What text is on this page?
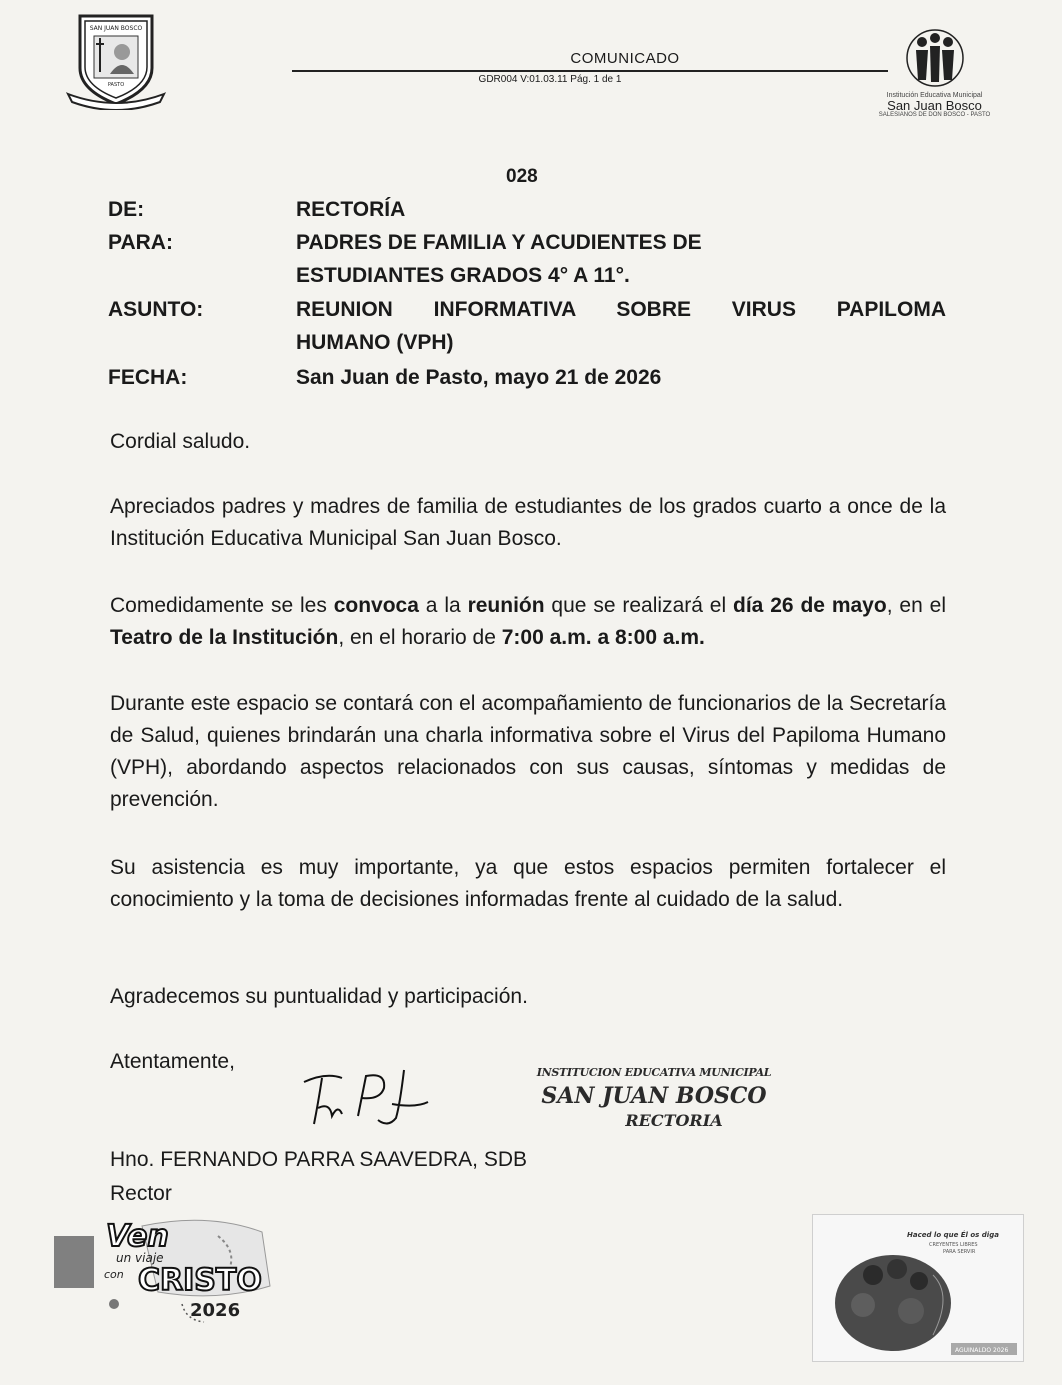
SAN JUAN BOSCO
PASTO
COMUNICADO
GDR004 V:01.03.11 Pág. 1 de 1
Institución Educativa Municipal
San Juan Bosco
SALESIANOS DE DON BOSCO - PASTO
028
DE:	RECTORÍA
PARA:	PADRES DE FAMILIA Y ACUDIENTES DE
ESTUDIANTES GRADOS 4° A 11°.
ASUNTO:	REUNION INFORMATIVA SOBRE VIRUS PAPILOMA
HUMANO (VPH)
FECHA:	San Juan de Pasto, mayo 21 de 2026
Cordial saludo.
Apreciados padres y madres de familia de estudiantes de los grados cuarto a once de la Institución Educativa Municipal San Juan Bosco.
Comedidamente se les convoca a la reunión que se realizará el día 26 de mayo, en el Teatro de la Institución, en el horario de 7:00 a.m. a 8:00 a.m.
Durante este espacio se contará con el acompañamiento de funcionarios de la Secretaría de Salud, quienes brindarán una charla informativa sobre el Virus del Papiloma Humano (VPH), abordando aspectos relacionados con sus causas, síntomas y medidas de prevención.
Su asistencia es muy importante, ya que estos espacios permiten fortalecer el conocimiento y la toma de decisiones informadas frente al cuidado de la salud.
Agradecemos su puntualidad y participación.
Atentamente,	INSTITUCION EDUCATIVA MUNICIPAL
SAN JUAN BOSCO
RECTORIA
Hno. FERNANDO PARRA SAAVEDRA, SDB
Rector
Ven
un viaje
con CRISTO
2026
Haced lo que Él os diga
CREYENTES LIBRES
PARA SERVIR
AGUINALDO 2026
